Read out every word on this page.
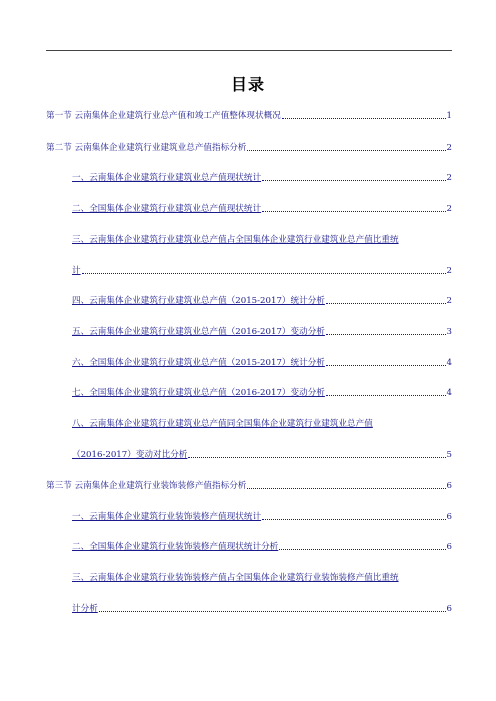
目录
第一节 云南集体企业建筑行业总产值和竣工产值整体现状概况	1
第二节 云南集体企业建筑行业建筑业总产值指标分析	2
一、云南集体企业建筑行业建筑业总产值现状统计	2
二、全国集体企业建筑行业建筑业总产值现状统计	2
三、云南集体企业建筑行业建筑业总产值占全国集体企业建筑行业建筑业总产值比重统
计	2
四、云南集体企业建筑行业建筑业总产值（2015-2017）统计分析	2
五、云南集体企业建筑行业建筑业总产值（2016-2017）变动分析	3
六、全国集体企业建筑行业建筑业总产值（2015-2017）统计分析	4
七、全国集体企业建筑行业建筑业总产值（2016-2017）变动分析	4
八、云南集体企业建筑行业建筑业总产值同全国集体企业建筑行业建筑业总产值
（2016-2017）变动对比分析	5
第三节 云南集体企业建筑行业装饰装修产值指标分析	6
一、云南集体企业建筑行业装饰装修产值现状统计	6
二、全国集体企业建筑行业装饰装修产值现状统计分析	6
三、云南集体企业建筑行业装饰装修产值占全国集体企业建筑行业装饰装修产值比重统
计分析	6
